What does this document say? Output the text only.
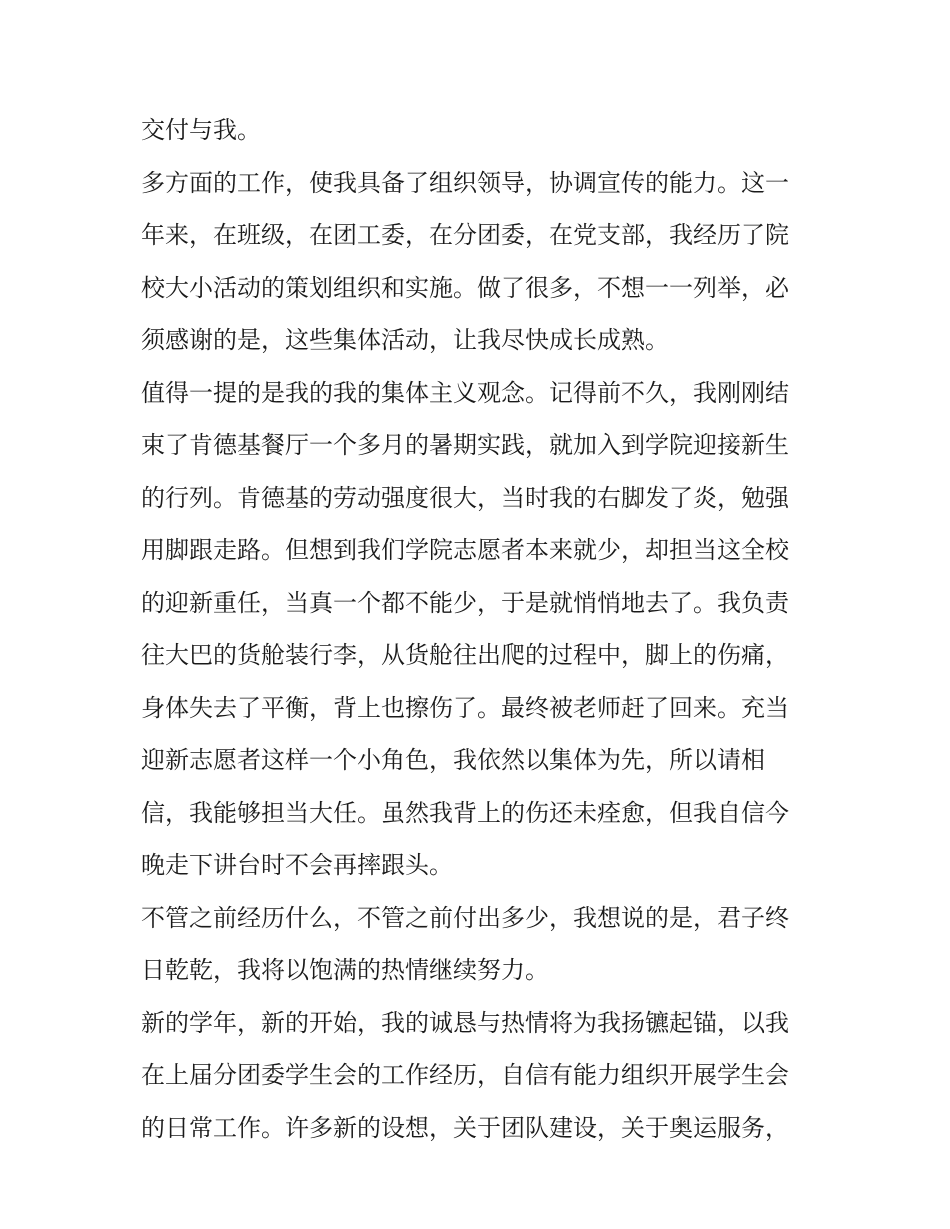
交付与我。
多方面的工作，使我具备了组织领导，协调宣传的能力。这一
年来，在班级，在团工委，在分团委，在党支部，我经历了院
校大小活动的策划组织和实施。做了很多，不想一一列举，必
须感谢的是，这些集体活动，让我尽快成长成熟。
值得一提的是我的我的集体主义观念。记得前不久，我刚刚结
束了肯德基餐厅一个多月的暑期实践，就加入到学院迎接新生
的行列。肯德基的劳动强度很大，当时我的右脚发了炎，勉强
用脚跟走路。但想到我们学院志愿者本来就少，却担当这全校
的迎新重任，当真一个都不能少，于是就悄悄地去了。我负责
往大巴的货舱装行李，从货舱往出爬的过程中，脚上的伤痛，
身体失去了平衡，背上也擦伤了。最终被老师赶了回来。充当
迎新志愿者这样一个小角色，我依然以集体为先，所以请相
信，我能够担当大任。虽然我背上的伤还未痊愈，但我自信今
晚走下讲台时不会再摔跟头。
不管之前经历什么，不管之前付出多少，我想说的是，君子终
日乾乾，我将以饱满的热情继续努力。
新的学年，新的开始，我的诚恳与热情将为我扬镳起锚，以我
在上届分团委学生会的工作经历，自信有能力组织开展学生会
的日常工作。许多新的设想，关于团队建设，关于奥运服务，
